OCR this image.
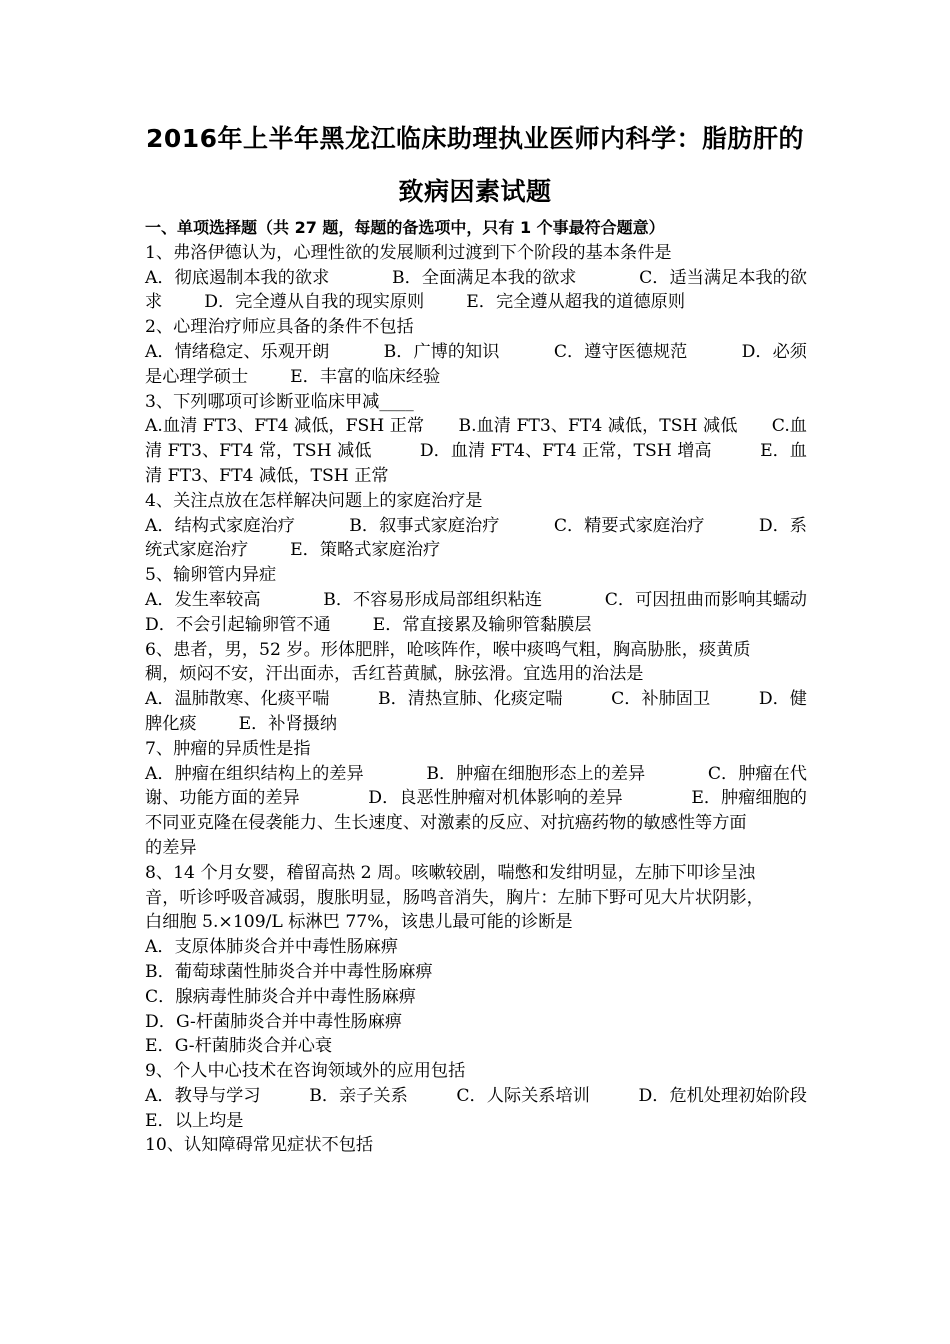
2016年上半年黑龙江临床助理执业医师内科学：脂肪肝的
致病因素试题
一、单项选择题（共 27 题，每题的备选项中，只有 1 个事最符合题意）
1、弗洛伊德认为，心理性欲的发展顺利过渡到下个阶段的基本条件是
A．彻底遏制本我的欲求	B．全面满足本我的欲求	C．适当满足本我的欲
求 D．完全遵从自我的现实原则 E．完全遵从超我的道德原则
2、心理治疗师应具备的条件不包括
A．情绪稳定、乐观开朗	B．广博的知识	C．遵守医德规范	D．必须
是心理学硕士 E．丰富的临床经验
3、下列哪项可诊断亚临床甲减____
A.血清 FT3、FT4 减低，FSH 正常 B.血清 FT3、FT4 减低，TSH 减低 C.血
清 FT3、FT4 常，TSH 减低	D．血清 FT4、FT4 正常，TSH 增高	E．血
清 FT3、FT4 减低，TSH 正常
4、关注点放在怎样解决问题上的家庭治疗是
A．结构式家庭治疗	B．叙事式家庭治疗	C．精要式家庭治疗	D．系
统式家庭治疗 E．策略式家庭治疗
5、输卵管内异症
A．发生率较高	B．不容易形成局部组织粘连	C．可因扭曲而影响其蠕动
D．不会引起输卵管不通 E．常直接累及输卵管黏膜层
6、患者，男，52 岁。形体肥胖，呛咳阵作，喉中痰鸣气粗，胸高胁胀，痰黄质
稠，烦闷不安，汗出面赤，舌红苔黄腻，脉弦滑。宜选用的治法是
A．温肺散寒、化痰平喘	B．清热宣肺、化痰定喘	C．补肺固卫	D．健
脾化痰 E．补肾摄纳
7、肿瘤的异质性是指
A．肿瘤在组织结构上的差异	B．肿瘤在细胞形态上的差异	C．肿瘤在代
谢、功能方面的差异	D．良恶性肿瘤对机体影响的差异	E．肿瘤细胞的
不同亚克隆在侵袭能力、生长速度、对激素的反应、对抗癌药物的敏感性等方面
的差异
8、14 个月女婴，稽留高热 2 周。咳嗽较剧，喘憋和发绀明显，左肺下叩诊呈浊
音，听诊呼吸音减弱，腹胀明显，肠鸣音消失，胸片：左肺下野可见大片状阴影，
白细胞 5.×109/L 标淋巴 77%，该患儿最可能的诊断是
A．支原体肺炎合并中毒性肠麻痹
B．葡萄球菌性肺炎合并中毒性肠麻痹
C．腺病毒性肺炎合并中毒性肠麻痹
D．G-杆菌肺炎合并中毒性肠麻痹
E．G-杆菌肺炎合并心衰
9、个人中心技术在咨询领域外的应用包括
A．教导与学习	B．亲子关系	C．人际关系培训	D．危机处理初始阶段
E．以上均是
10、认知障碍常见症状不包括
